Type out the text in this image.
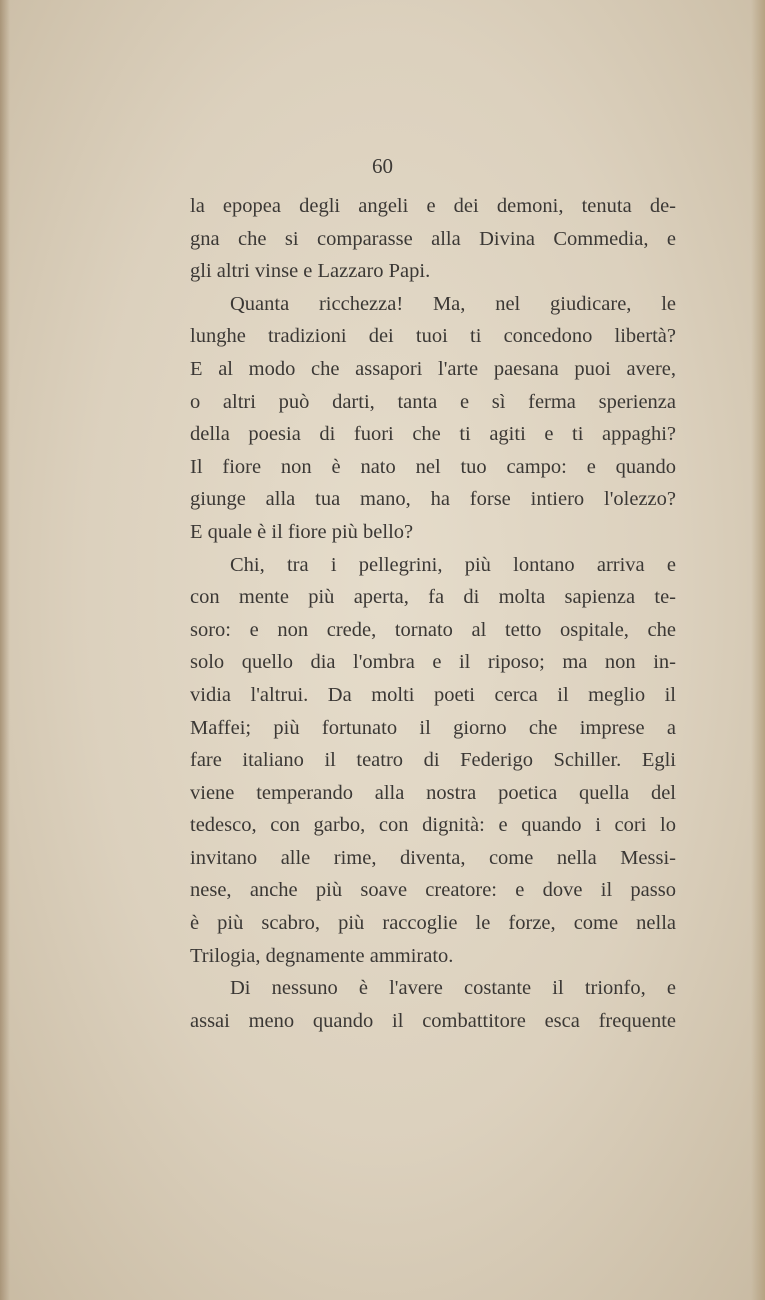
60
la epopea degli angeli e dei demoni, tenuta de-
gna che si comparasse alla Divina Commedia, e
gli altri vinse e Lazzaro Papi.
Quanta ricchezza! Ma, nel giudicare, le
lunghe tradizioni dei tuoi ti concedono libertà?
E al modo che assapori l'arte paesana puoi avere,
o altri può darti, tanta e sì ferma sperienza
della poesia di fuori che ti agiti e ti appaghi?
Il fiore non è nato nel tuo campo: e quando
giunge alla tua mano, ha forse intiero l'olezzo?
E quale è il fiore più bello?
Chi, tra i pellegrini, più lontano arriva e
con mente più aperta, fa di molta sapienza te-
soro: e non crede, tornato al tetto ospitale, che
solo quello dia l'ombra e il riposo; ma non in-
vidia l'altrui. Da molti poeti cerca il meglio il
Maffei; più fortunato il giorno che imprese a
fare italiano il teatro di Federigo Schiller. Egli
viene temperando alla nostra poetica quella del
tedesco, con garbo, con dignità: e quando i cori lo
invitano alle rime, diventa, come nella Messi-
nese, anche più soave creatore: e dove il passo
è più scabro, più raccoglie le forze, come nella
Trilogia, degnamente ammirato.
Di nessuno è l'avere costante il trionfo, e
assai meno quando il combattitore esca frequente
